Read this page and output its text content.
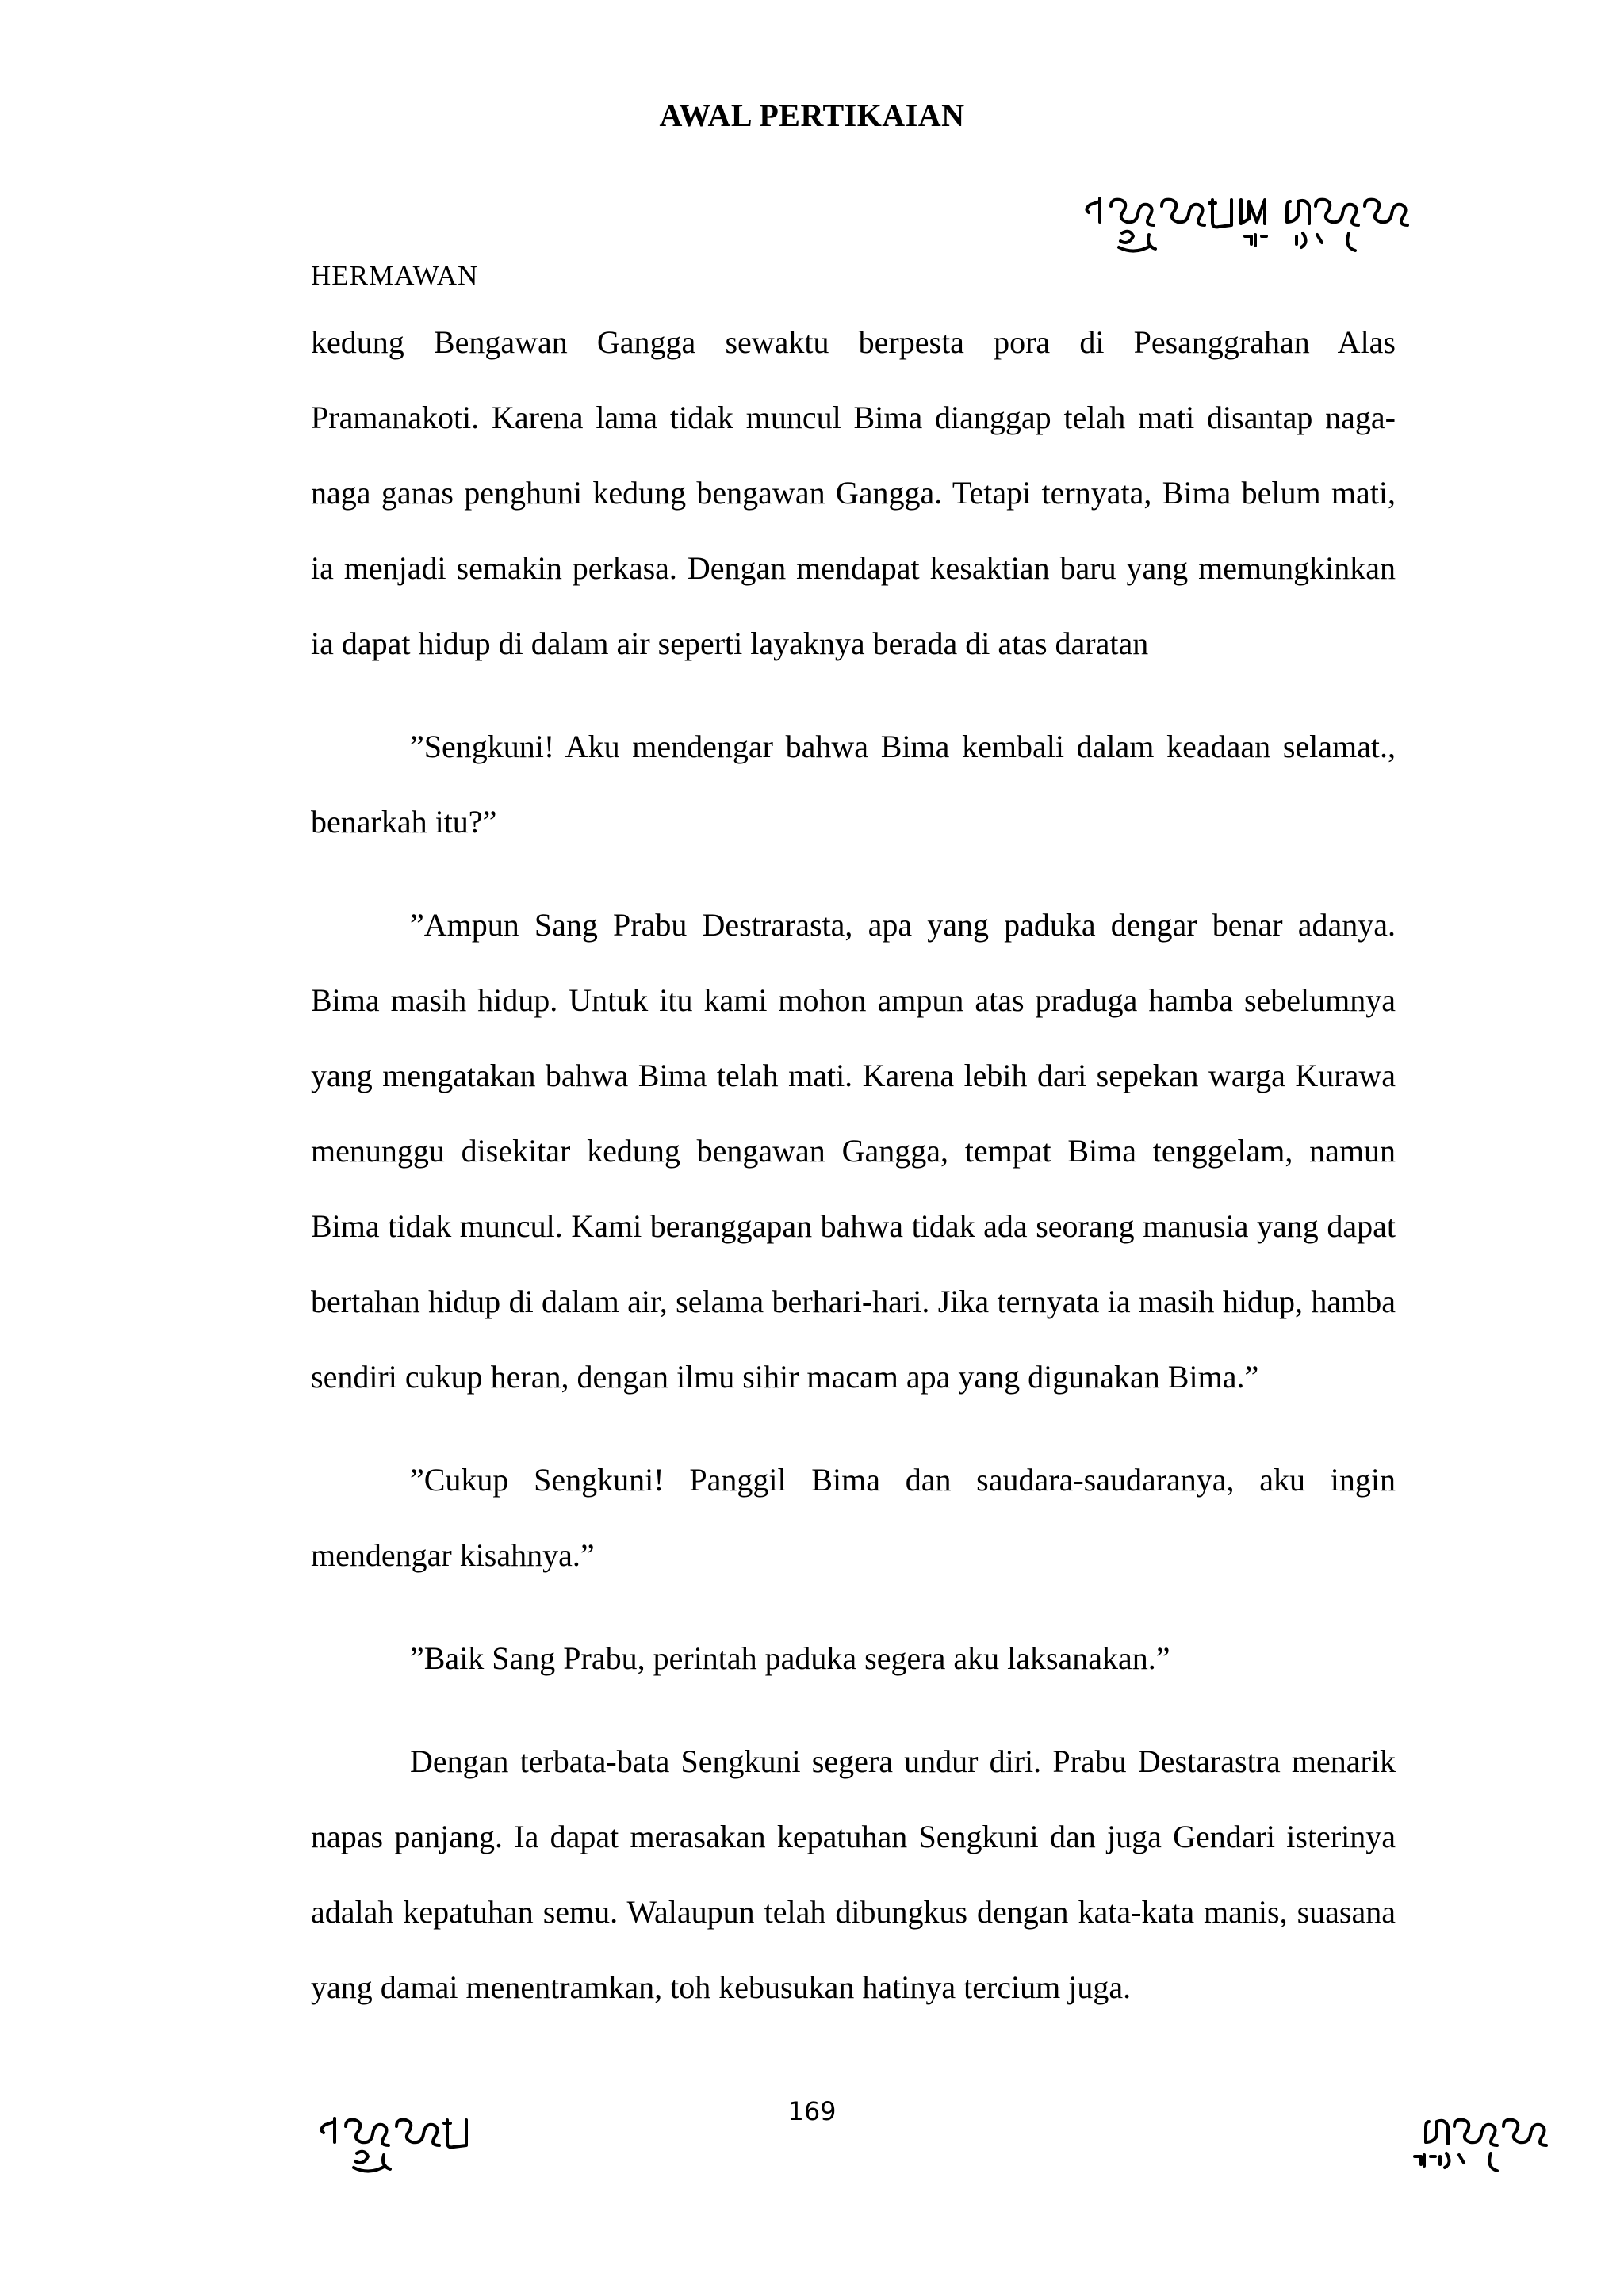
AWAL PERTIKAIAN
HERMAWAN

kedung Bengawan Gangga sewaktu berpesta pora di Pesanggrahan Alas Pramanakoti. Karena lama tidak muncul Bima dianggap telah mati disantap naga-naga ganas penghuni kedung bengawan Gangga. Tetapi ternyata, Bima belum mati, ia menjadi semakin perkasa. Dengan mendapat kesaktian baru yang memungkinkan ia dapat hidup di dalam air seperti layaknya berada di atas daratan

”Sengkuni! Aku mendengar bahwa Bima kembali dalam keadaan selamat., benarkah itu?”

”Ampun Sang Prabu Destrarasta, apa yang paduka dengar benar adanya. Bima masih hidup. Untuk itu kami mohon ampun atas praduga hamba sebelumnya yang mengatakan bahwa Bima telah mati. Karena lebih dari sepekan warga Kurawa menunggu disekitar kedung bengawan Gangga, tempat Bima tenggelam, namun Bima tidak muncul. Kami beranggapan bahwa tidak ada seorang manusia yang dapat bertahan hidup di dalam air, selama berhari-hari. Jika ternyata ia masih hidup, hamba sendiri cukup heran, dengan ilmu sihir macam apa yang digunakan Bima.”

”Cukup Sengkuni! Panggil Bima dan saudara-saudaranya, aku ingin mendengar kisahnya.”

”Baik Sang Prabu, perintah paduka segera aku laksanakan.”

Dengan terbata-bata Sengkuni segera undur diri. Prabu Destarastra menarik napas panjang. Ia dapat merasakan kepatuhan Sengkuni dan juga Gendari isterinya adalah kepatuhan semu. Walaupun telah dibungkus dengan kata-kata manis, suasana yang damai menentramkan, toh kebusukan hatinya tercium juga.

169
